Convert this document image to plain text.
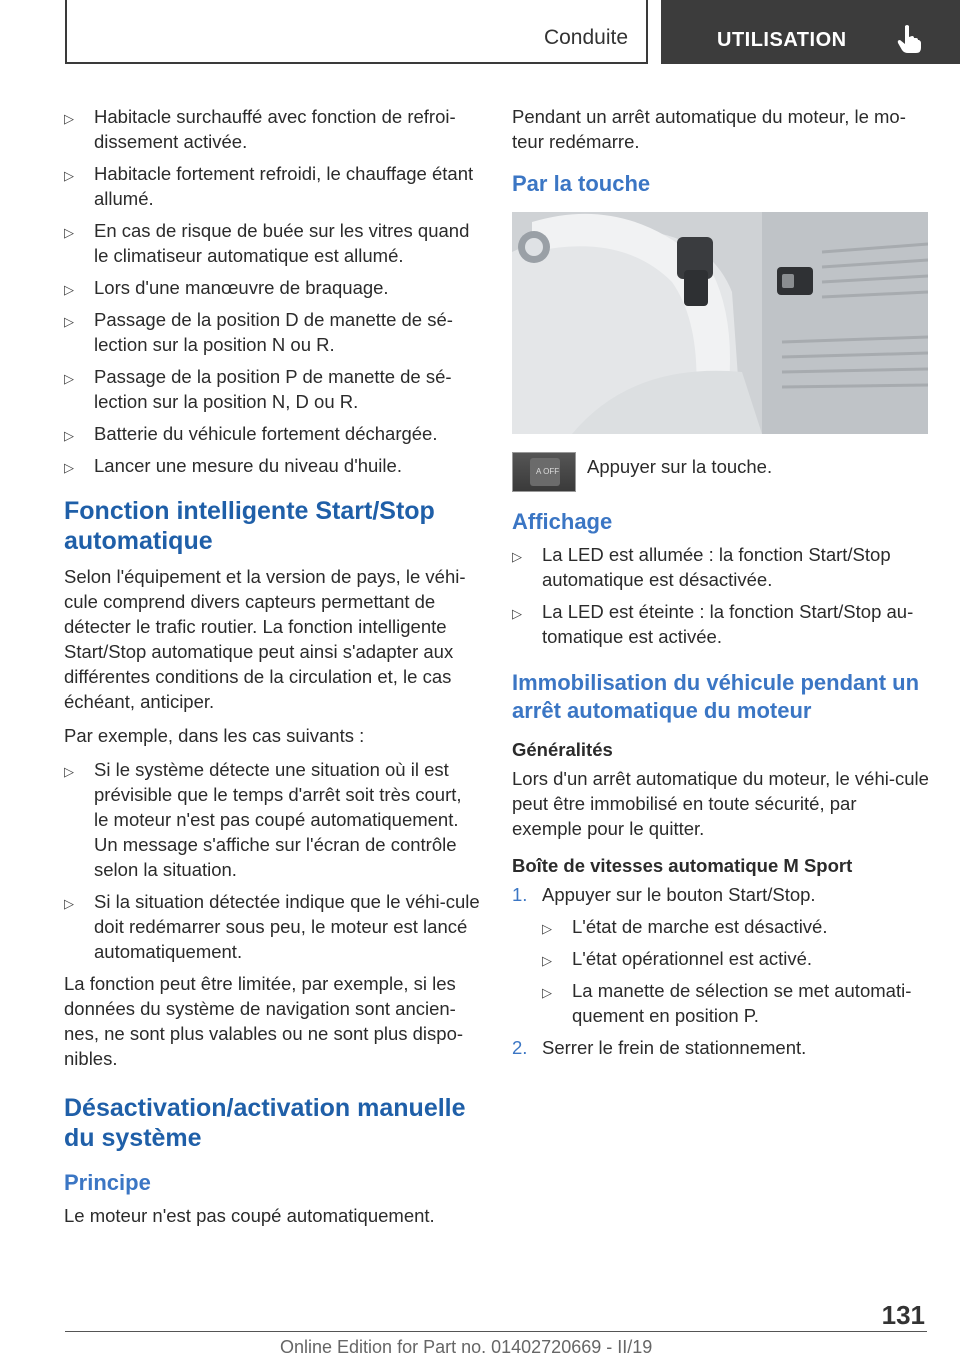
Conduite	UTILISATION
▷ Habitacle surchauffé avec fonction de refroi-dissement activée.
▷ Habitacle fortement refroidi, le chauffage étant allumé.
▷ En cas de risque de buée sur les vitres quand le climatiseur automatique est allumé.
▷ Lors d'une manœuvre de braquage.
▷ Passage de la position D de manette de sé-lection sur la position N ou R.
▷ Passage de la position P de manette de sé-lection sur la position N, D ou R.
▷ Batterie du véhicule fortement déchargée.
▷ Lancer une mesure du niveau d'huile.
Fonction intelligente Start/Stop automatique

Selon l'équipement et la version de pays, le véhi-cule comprend divers capteurs permettant de détecter le trafic routier. La fonction intelligente Start/Stop automatique peut ainsi s'adapter aux différentes conditions de la circulation et, le cas échéant, anticiper.

Par exemple, dans les cas suivants :

▷ Si le système détecte une situation où il est prévisible que le temps d'arrêt soit très court, le moteur n'est pas coupé automatiquement. Un message s'affiche sur l'écran de contrôle selon la situation.
▷ Si la situation détectée indique que le véhi-cule doit redémarrer sous peu, le moteur est lancé automatiquement.

La fonction peut être limitée, par exemple, si les données du système de navigation sont ancien-nes, ne sont plus valables ou ne sont plus dispo-nibles.

Désactivation/activation manuelle du système
Principe

Le moteur n'est pas coupé automatiquement.

Pendant un arrêt automatique du moteur, le mo-teur redémarre.

Par la touche
A OFF Appuyer sur la touche.
Affichage
▷ La LED est allumée : la fonction Start/Stop automatique est désactivée.
▷ La LED est éteinte : la fonction Start/Stop au-tomatique est activée.
Immobilisation du véhicule pendant un arrêt automatique du moteur
Généralités

Lors d'un arrêt automatique du moteur, le véhi-cule peut être immobilisé en toute sécurité, par exemple pour le quitter.

Boîte de vitesses automatique M Sport
1. Appuyer sur le bouton Start/Stop.
▷ L'état de marche est désactivé.
▷ L'état opérationnel est activé.
▷ La manette de sélection se met automati-quement en position P.
2. Serrer le frein de stationnement.
131
Online Edition for Part no. 01402720669 - II/19
